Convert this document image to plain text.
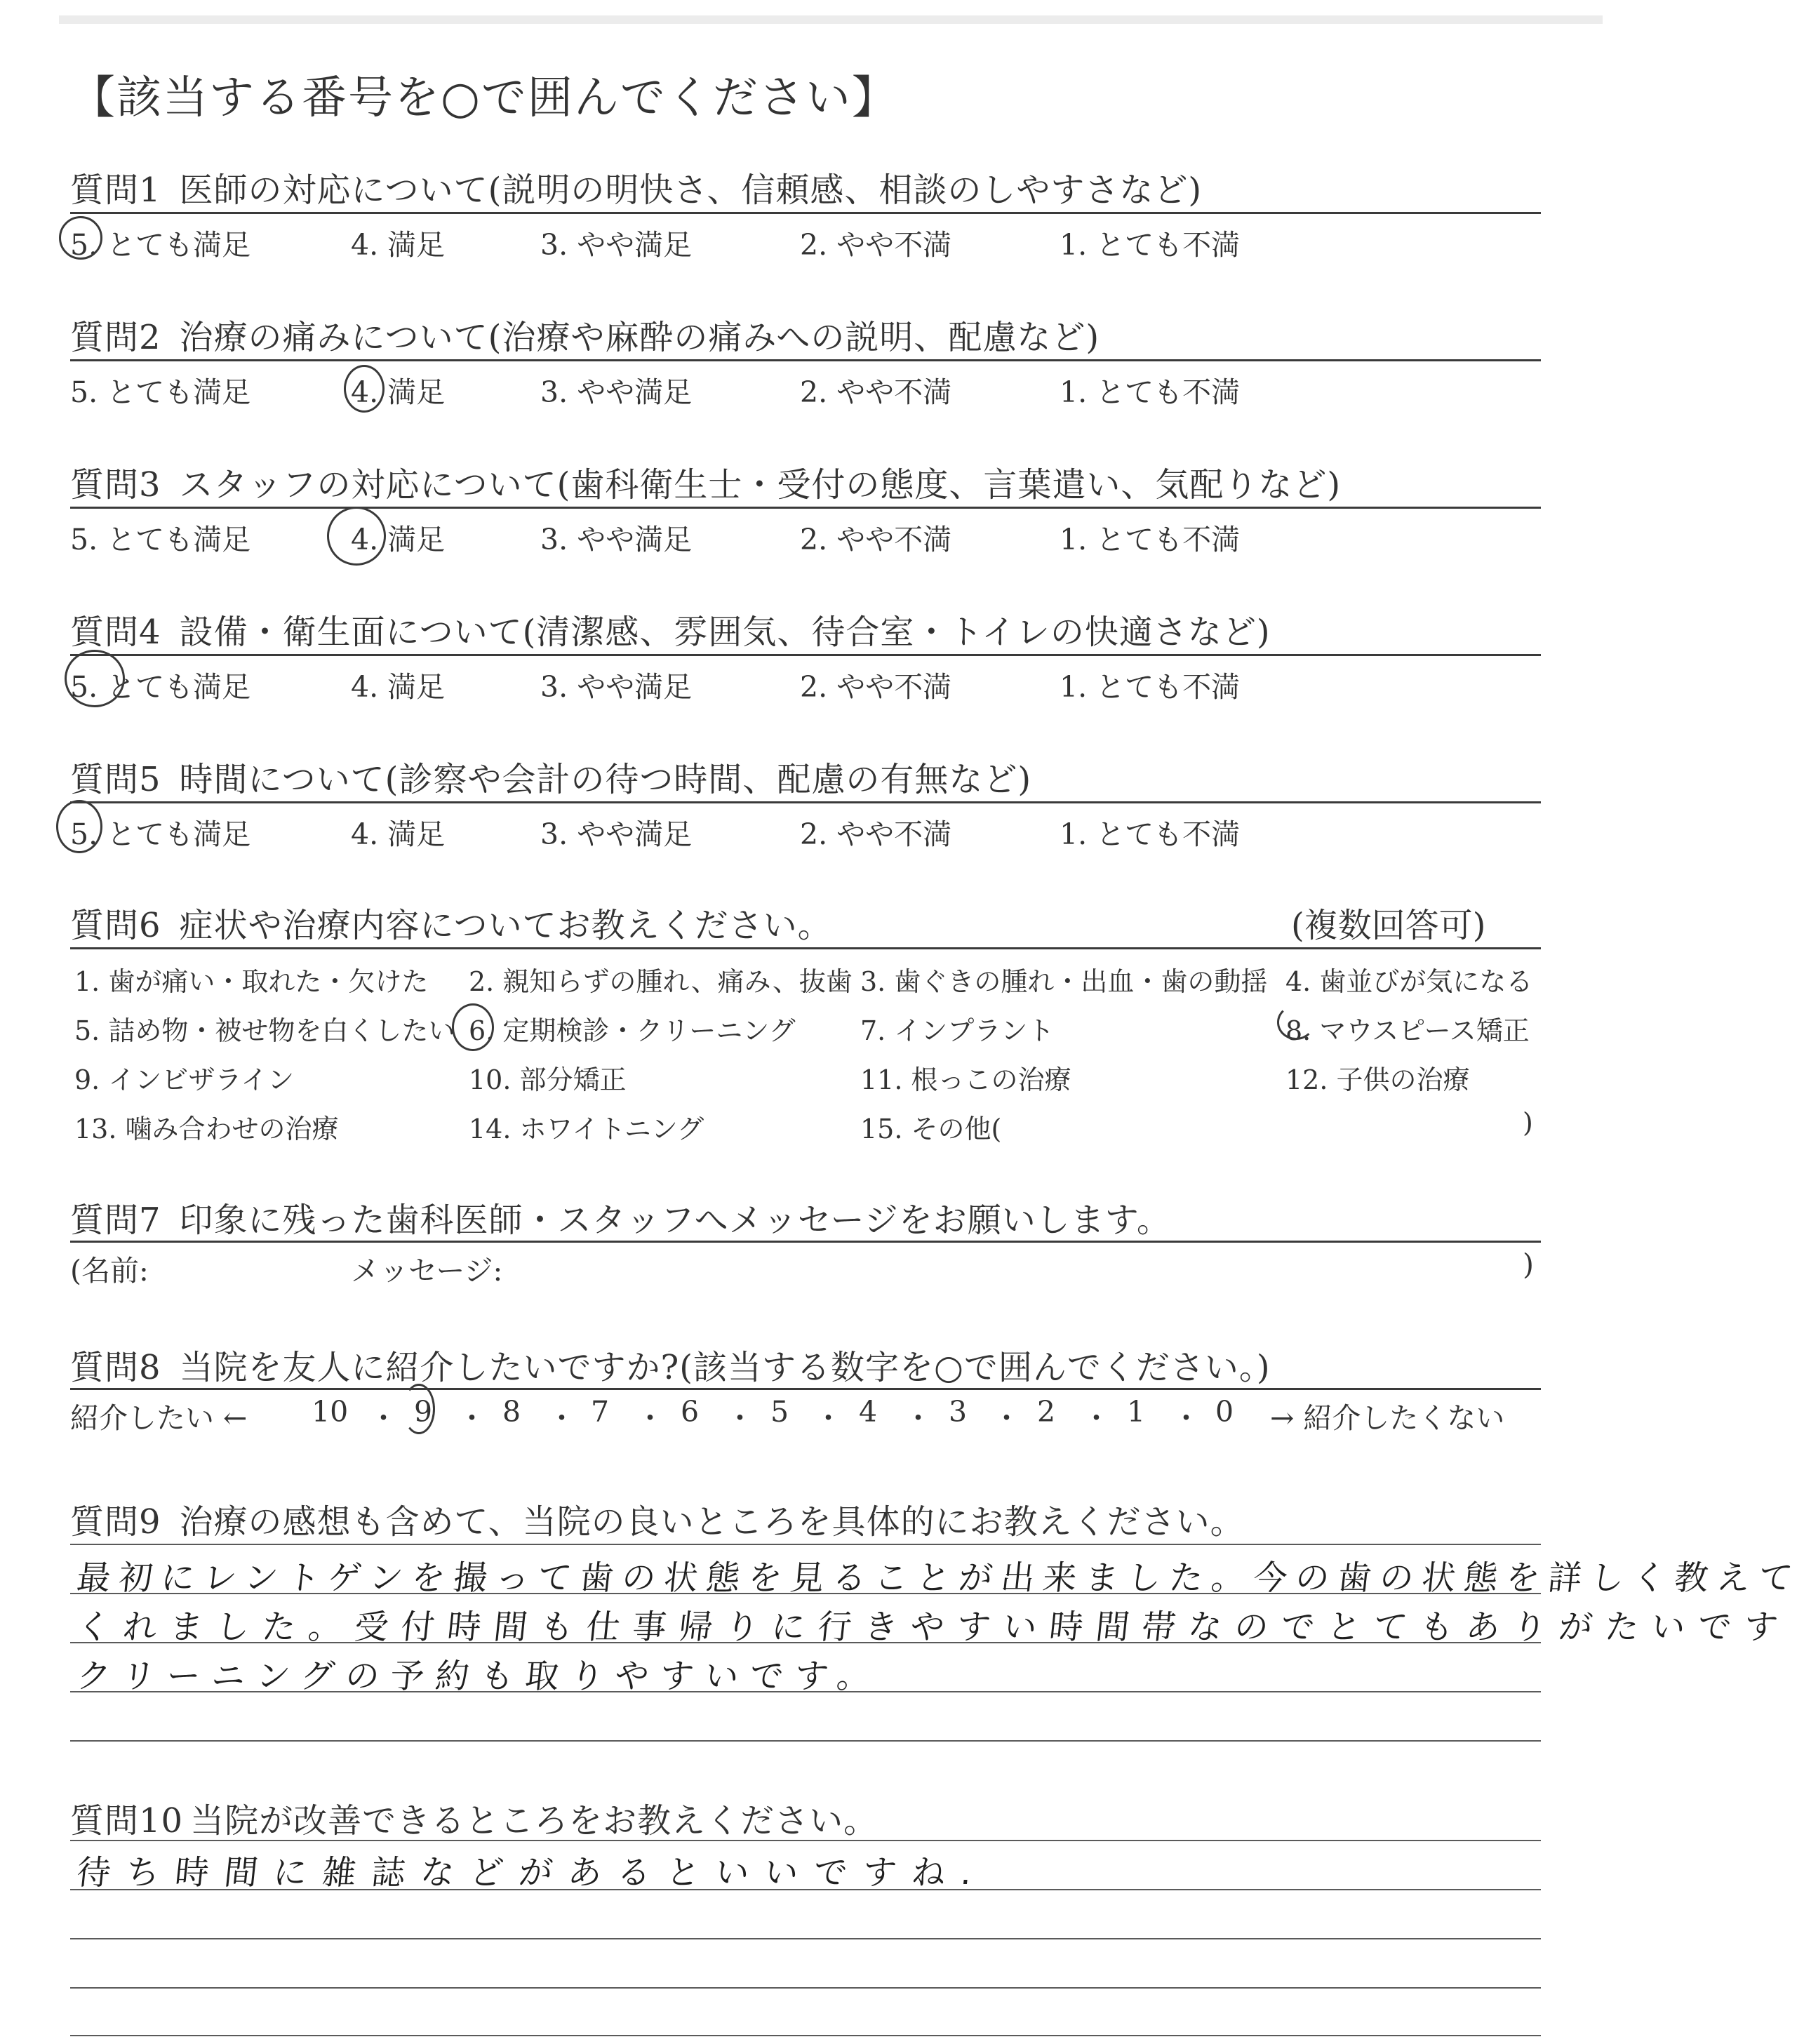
【該当する番号を○で囲んでください】
質問1 医師の対応について(説明の明快さ、信頼感、相談のしやすさなど)
5. とても満足	4. 満足	3. やや満足	2. やや不満	1. とても不満
質問2 治療の痛みについて(治療や麻酔の痛みへの説明、配慮など)
5. とても満足	4. 満足	3. やや満足	2. やや不満	1. とても不満
質問3 スタッフの対応について(歯科衛生士・受付の態度、言葉遣い、気配りなど)
5. とても満足	4. 満足	3. やや満足	2. やや不満	1. とても不満
質問4 設備・衛生面について(清潔感、雰囲気、待合室・トイレの快適さなど)
5. とても満足	4. 満足	3. やや満足	2. やや不満	1. とても不満
質問5 時間について(診察や会計の待つ時間、配慮の有無など)
5. とても満足	4. 満足	3. やや満足	2. やや不満	1. とても不満
質問6 症状や治療内容についてお教えください。	(複数回答可)
1. 歯が痛い・取れた・欠けた 2. 親知らずの腫れ、痛み、抜歯 3. 歯ぐきの腫れ・出血・歯の動揺 4. 歯並びが気になる
5. 詰め物・被せ物を白くしたい 6. 定期検診・クリーニング 7. インプラント	8. マウスピース矯正
9. インビザライン	10. 部分矯正	11. 根っこの治療	12. 子供の治療
13. 噛み合わせの治療	14. ホワイトニング	15. その他(	)
質問7 印象に残った歯科医師・スタッフへメッセージをお願いします。
(名前:	メッセージ:	)
質問8 当院を友人に紹介したいですか?(該当する数字を○で囲んでください。)
紹介したい ← 10 ・ 9 ・ 8 ・ 7 ・ 6 ・ 5 ・ 4 ・ 3 ・ 2 ・ 1 ・ 0 → 紹介したくない
質問9 治療の感想も含めて、当院の良いところを具体的にお教えください。
最初にレントゲンを撮って歯の状態を見ることが出来ました。今の歯の状態を詳しく教えて
くれました。受付時間も仕事帰りに行きやすい時間帯なのでとてもありがたいです
クリーニングの予約も取りやすいです。
質問10 当院が改善できるところをお教えください。
待ち時間に雑誌などがあるといいですね.
